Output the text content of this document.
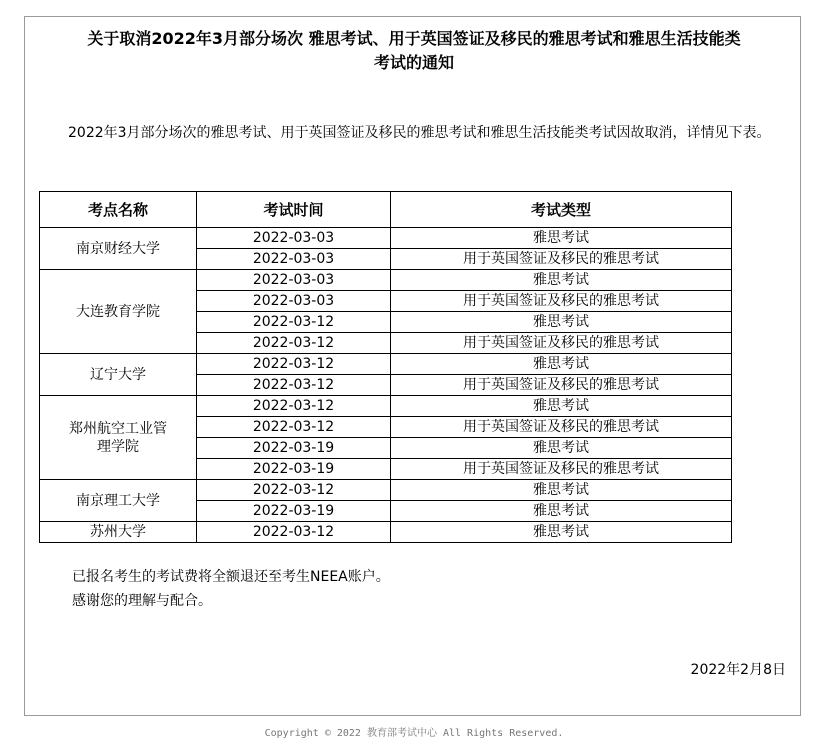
关于取消2022年3月部分场次 雅思考试、用于英国签证及移民的雅思考试和雅思生活技能类
考试的通知
2022年3月部分场次的雅思考试、用于英国签证及移民的雅思考试和雅思生活技能类考试因故取消，详情见下表。
考点名称	考试时间	考试类型
南京财经大学	2022-03-03	雅思考试
	2022-03-03	用于英国签证及移民的雅思考试
大连教育学院	2022-03-03	雅思考试
	2022-03-03	用于英国签证及移民的雅思考试
	2022-03-12	雅思考试
	2022-03-12	用于英国签证及移民的雅思考试
辽宁大学	2022-03-12	雅思考试
	2022-03-12	用于英国签证及移民的雅思考试

郑州航空工业管理学院	2022-03-12	雅思考试
	2022-03-12	用于英国签证及移民的雅思考试
	2022-03-19	雅思考试
	2022-03-19	用于英国签证及移民的雅思考试
南京理工大学	2022-03-12	雅思考试
	2022-03-19	雅思考试
苏州大学	2022-03-12	雅思考试
已报名考生的考试费将全额退还至考生NEEA账户。
感谢您的理解与配合。
2022年2月8日
Copyright © 2022 教育部考试中心 All Rights Reserved.
